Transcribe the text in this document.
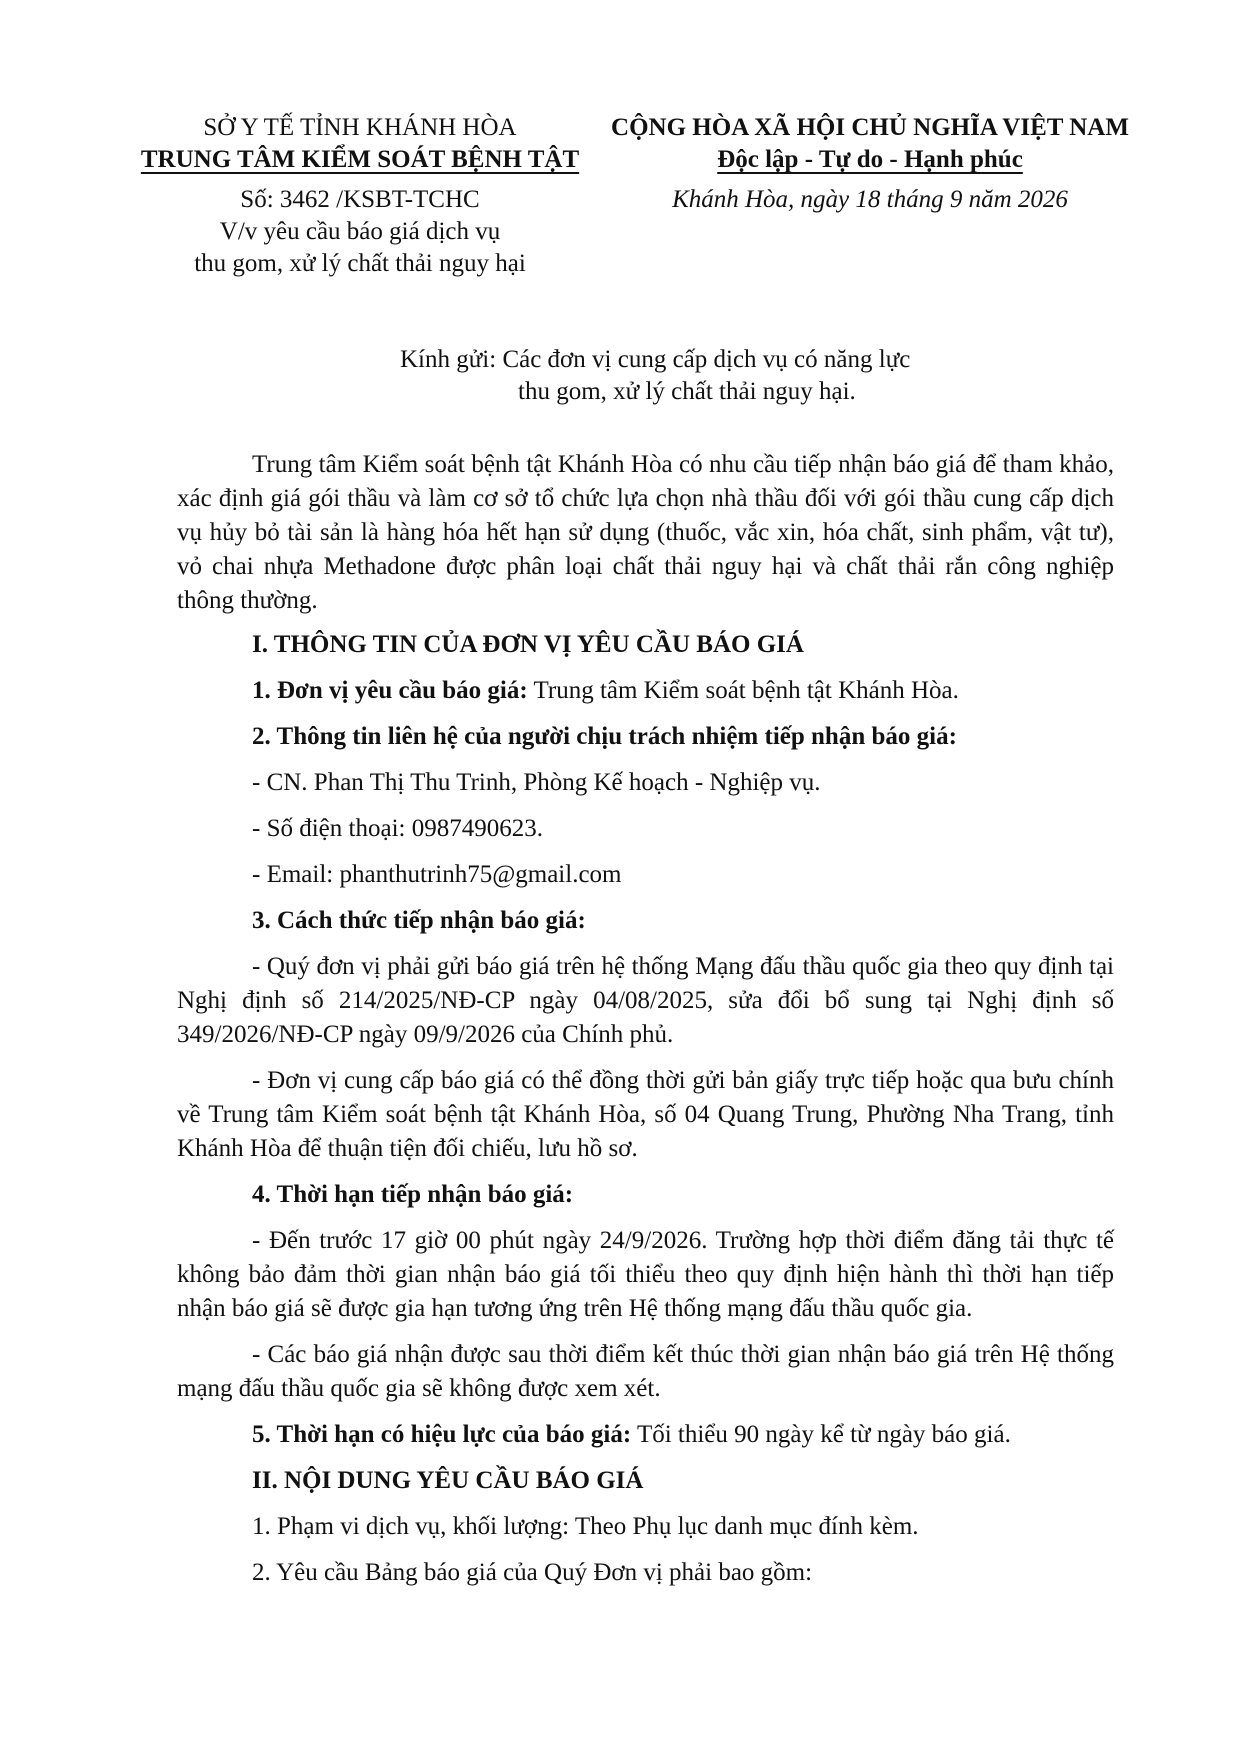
SỞ Y TẾ TỈNH KHÁNH HÒA
TRUNG TÂM KIỂM SOÁT BỆNH TẬT
Số: 3462 /KSBT-TCHC
V/v yêu cầu báo giá dịch vụ
thu gom, xử lý chất thải nguy hại
CỘNG HÒA XÃ HỘI CHỦ NGHĨA VIỆT NAM
Độc lập - Tự do - Hạnh phúc
Khánh Hòa, ngày 18 tháng 9 năm 2026
Kính gửi: Các đơn vị cung cấp dịch vụ có năng lực
thu gom, xử lý chất thải nguy hại.

Trung tâm Kiểm soát bệnh tật Khánh Hòa có nhu cầu tiếp nhận báo giá để tham khảo, xác định giá gói thầu và làm cơ sở tổ chức lựa chọn nhà thầu đối với gói thầu cung cấp dịch vụ hủy bỏ tài sản là hàng hóa hết hạn sử dụng (thuốc, vắc xin, hóa chất, sinh phẩm, vật tư), vỏ chai nhựa Methadone được phân loại chất thải nguy hại và chất thải rắn công nghiệp thông thường.

I. THÔNG TIN CỦA ĐƠN VỊ YÊU CẦU BÁO GIÁ

1. Đơn vị yêu cầu báo giá: Trung tâm Kiểm soát bệnh tật Khánh Hòa.

2. Thông tin liên hệ của người chịu trách nhiệm tiếp nhận báo giá:

- CN. Phan Thị Thu Trinh, Phòng Kế hoạch - Nghiệp vụ.

- Số điện thoại: 0987490623.

- Email: phanthutrinh75@gmail.com

3. Cách thức tiếp nhận báo giá:

- Quý đơn vị phải gửi báo giá trên hệ thống Mạng đấu thầu quốc gia theo quy định tại Nghị định số 214/2025/NĐ-CP ngày 04/08/2025, sửa đổi bổ sung tại Nghị định số 349/2026/NĐ-CP ngày 09/9/2026 của Chính phủ.

- Đơn vị cung cấp báo giá có thể đồng thời gửi bản giấy trực tiếp hoặc qua bưu chính về Trung tâm Kiểm soát bệnh tật Khánh Hòa, số 04 Quang Trung, Phường Nha Trang, tỉnh Khánh Hòa để thuận tiện đối chiếu, lưu hồ sơ.

4. Thời hạn tiếp nhận báo giá:

- Đến trước 17 giờ 00 phút ngày 24/9/2026. Trường hợp thời điểm đăng tải thực tế không bảo đảm thời gian nhận báo giá tối thiểu theo quy định hiện hành thì thời hạn tiếp nhận báo giá sẽ được gia hạn tương ứng trên Hệ thống mạng đấu thầu quốc gia.

- Các báo giá nhận được sau thời điểm kết thúc thời gian nhận báo giá trên Hệ thống mạng đấu thầu quốc gia sẽ không được xem xét.

5. Thời hạn có hiệu lực của báo giá: Tối thiểu 90 ngày kể từ ngày báo giá.

II. NỘI DUNG YÊU CẦU BÁO GIÁ

1. Phạm vi dịch vụ, khối lượng: Theo Phụ lục danh mục đính kèm.

2. Yêu cầu Bảng báo giá của Quý Đơn vị phải bao gồm:
